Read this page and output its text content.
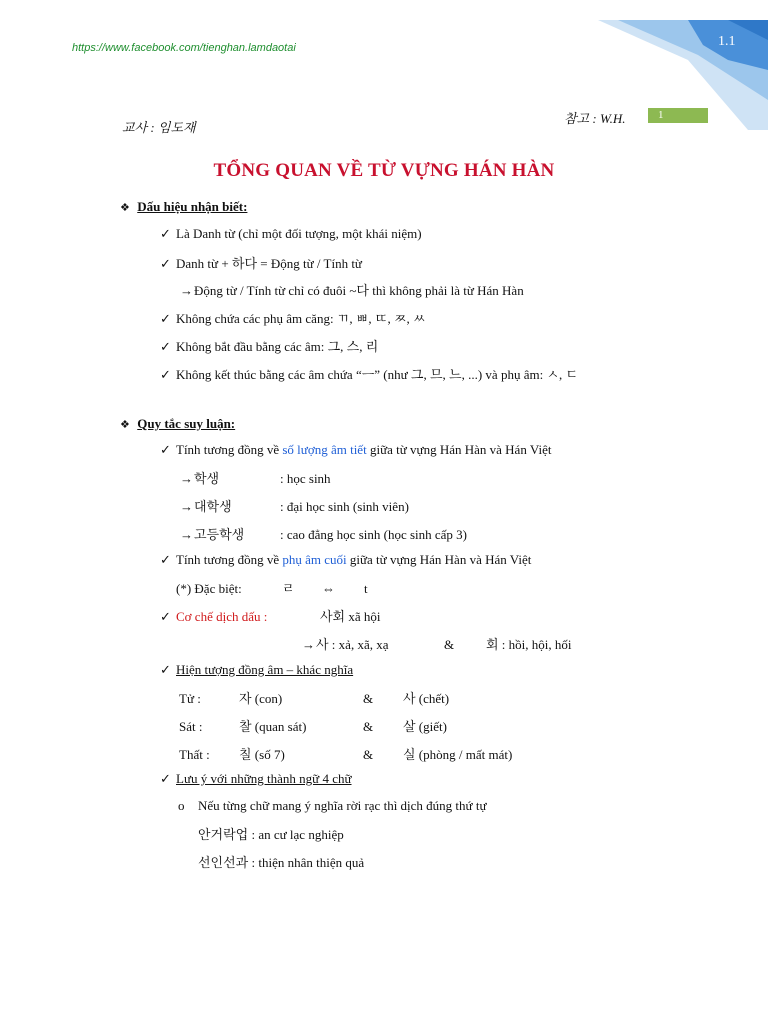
1.1
https://www.facebook.com/tienghan.lamdaotai
교사 : 임도재
참고 : W.H.	1
TỔNG QUAN VỀ TỪ VỰNG HÁN HÀN
❖ Dấu hiệu nhận biết:
✓ Là Danh từ (chỉ một đối tượng, một khái niệm)
✓ Danh từ + 하다 = Động từ / Tính từ
→Động từ / Tính từ chỉ có đuôi ~다 thì không phải là từ Hán Hàn
✓ Không chứa các phụ âm căng: ㄲ, ㅃ, ㄸ, ㅉ, ㅆ
✓ Không bắt đầu bằng các âm: 그, 스, 리
✓ Không kết thúc bằng các âm chứa “ㅡ” (như 그, 므, 느, ...) và phụ âm: ㅅ, ㄷ
❖ Quy tắc suy luận:
✓ Tính tương đồng về số lượng âm tiết giữa từ vựng Hán Hàn và Hán Việt
→학생	: học sinh
→대학생	: đại học sinh (sinh viên)
→고등학생	: cao đẳng học sinh (học sinh cấp 3)
✓ Tính tương đồng về phụ âm cuối giữa từ vựng Hán Hàn và Hán Việt
(*) Đặc biệt:	ㄹ ⇔ t
✓ Cơ chế dịch dấu :	사회 xã hội
→사 : xả, xã, xạ	& 회 : hồi, hội, hối
✓ Hiện tượng đồng âm – khác nghĩa
Tử :	자 (con)	& 사 (chết)
Sát :	찰 (quan sát)	& 살 (giết)
Thất : 칠 (số 7)	& 실 (phòng / mất mát)
✓ Lưu ý với những thành ngữ 4 chữ
o Nếu từng chữ mang ý nghĩa rời rạc thì dịch đúng thứ tự
안거락업 : an cư lạc nghiệp
선인선과 : thiện nhân thiện quả
